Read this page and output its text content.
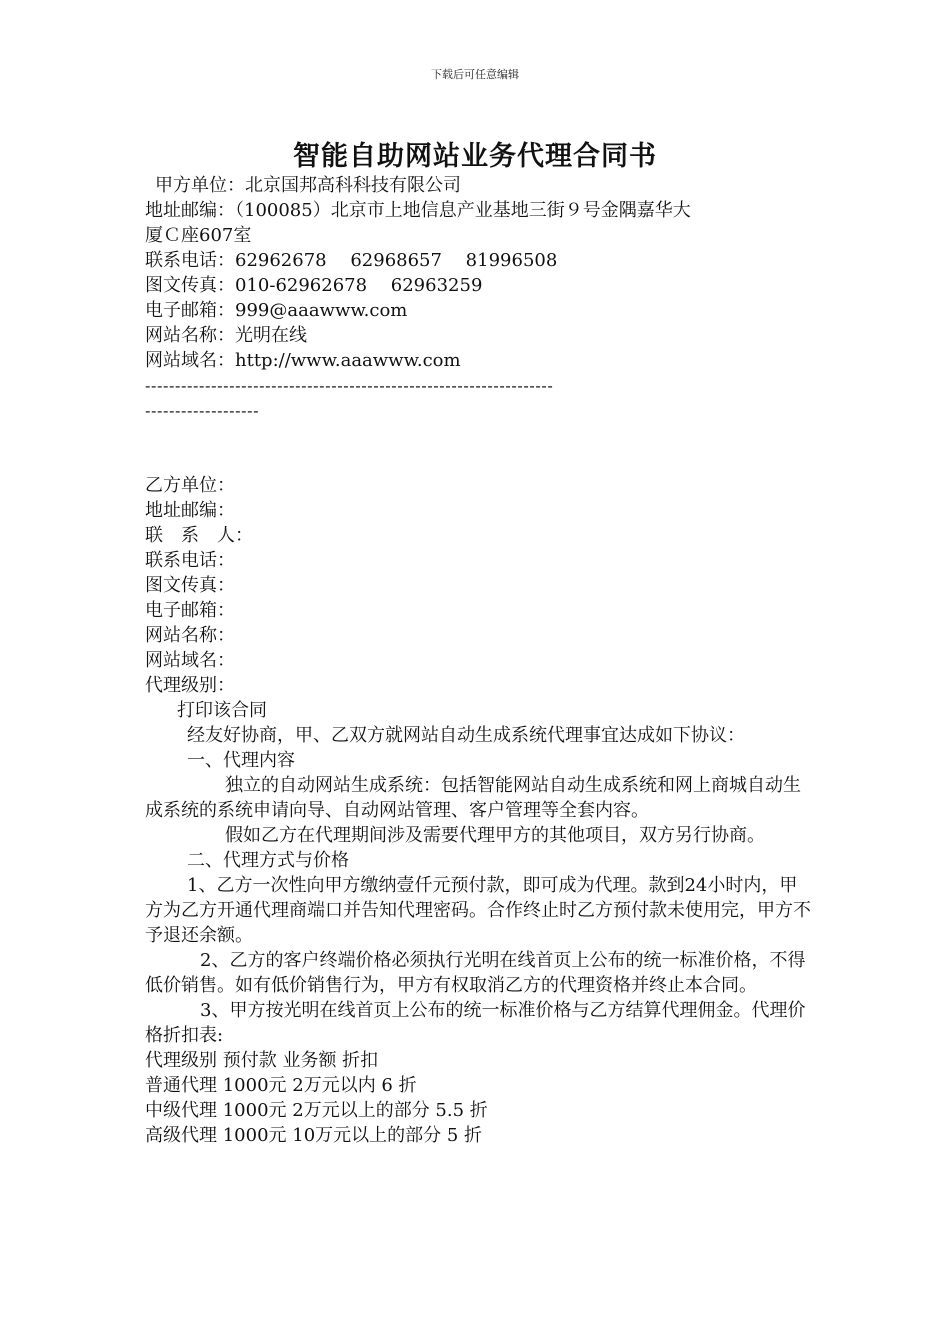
下载后可任意编辑
智能自助网站业务代理合同书
甲方单位：北京国邦高科科技有限公司
地址邮编：（100085）北京市上地信息产业基地三街９号金隅嘉华大
厦Ｃ座607室
联系电话：62962678　 62968657　 81996508
图文传真：010-62962678　 62963259
电子邮箱：999@aaawww.com
网站名称：光明在线
网站域名：http://www.aaawww.com
--------------------------------------------------------------------
-------------------
乙方单位：
地址邮编：
联　系　人：
联系电话：
图文传真：
电子邮箱：
网站名称：
网站域名：
代理级别：
打印该合同
经友好协商，甲、乙双方就网站自动生成系统代理事宜达成如下协议：
一、代理内容
独立的自动网站生成系统：包括智能网站自动生成系统和网上商城自动生成系统的系统申请向导、自动网站管理、客户管理等全套内容。
假如乙方在代理期间涉及需要代理甲方的其他项目，双方另行协商。
二、代理方式与价格
1、乙方一次性向甲方缴纳壹仟元预付款，即可成为代理。款到24小时内，甲方为乙方开通代理商端口并告知代理密码。合作终止时乙方预付款未使用完，甲方不予退还余额。
2、乙方的客户终端价格必须执行光明在线首页上公布的统一标准价格，不得低价销售。如有低价销售行为，甲方有权取消乙方的代理资格并终止本合同。
3、甲方按光明在线首页上公布的统一标准价格与乙方结算代理佣金。代理价格折扣表:
代理级别 预付款 业务额 折扣
普通代理 1000元 2万元以内 6 折
中级代理 1000元 2万元以上的部分 5.5 折
高级代理 1000元 10万元以上的部分 5 折
